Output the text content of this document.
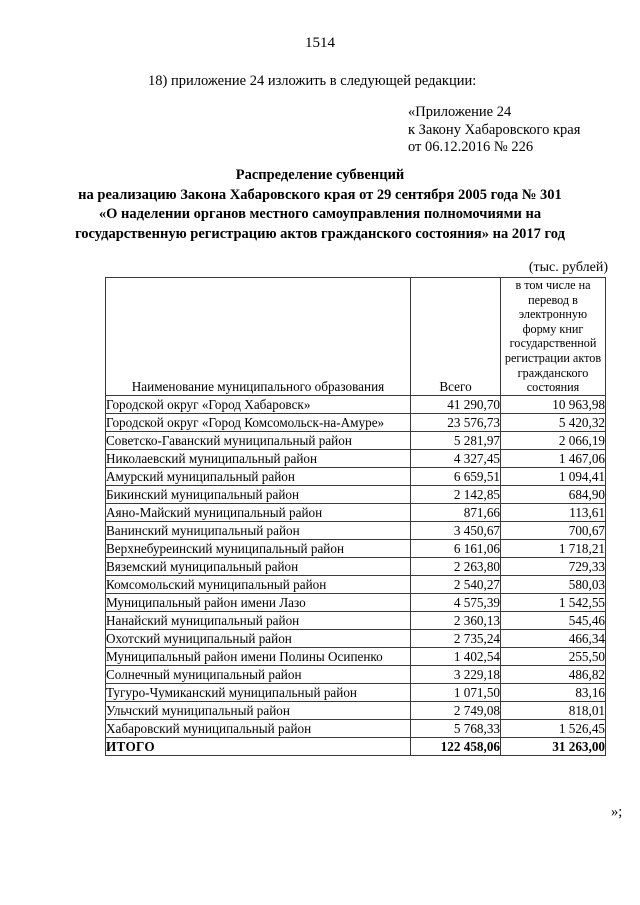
1514
18) приложение 24 изложить в следующей редакции:
«Приложение 24
к Закону Хабаровского края
от 06.12.2016 № 226
Распределение субвенций
на реализацию Закона Хабаровского края от 29 сентября 2005 года № 301
«О наделении органов местного самоуправления полномочиями на
государственную регистрацию актов гражданского состояния» на 2017 год
(тыс. рублей)
Наименование муниципального образования	Всего	в том числе на перевод в электронную форму книг государственной регистрации актов гражданского состояния
Городской округ «Город Хабаровск»	41 290,70	10 963,98
Городской округ «Город Комсомольск-на-Амуре»	23 576,73	5 420,32
Советско-Гаванский муниципальный район	5 281,97	2 066,19
Николаевский муниципальный район	4 327,45	1 467,06
Амурский муниципальный район	6 659,51	1 094,41
Бикинский муниципальный район	2 142,85	684,90
Аяно-Майский муниципальный район	871,66	113,61
Ванинский муниципальный район	3 450,67	700,67
Верхнебуреинский муниципальный район	6 161,06	1 718,21
Вяземский муниципальный район	2 263,80	729,33
Комсомольский муниципальный район	2 540,27	580,03
Муниципальный район имени Лазо	4 575,39	1 542,55
Нанайский муниципальный район	2 360,13	545,46
Охотский муниципальный район	2 735,24	466,34
Муниципальный район имени Полины Осипенко	1 402,54	255,50
Солнечный муниципальный район	3 229,18	486,82
Тугуро-Чумиканский муниципальный район	1 071,50	83,16
Ульчский муниципальный район	2 749,08	818,01
Хабаровский муниципальный район	5 768,33	1 526,45
ИТОГО	122 458,06	31 263,00
»;
